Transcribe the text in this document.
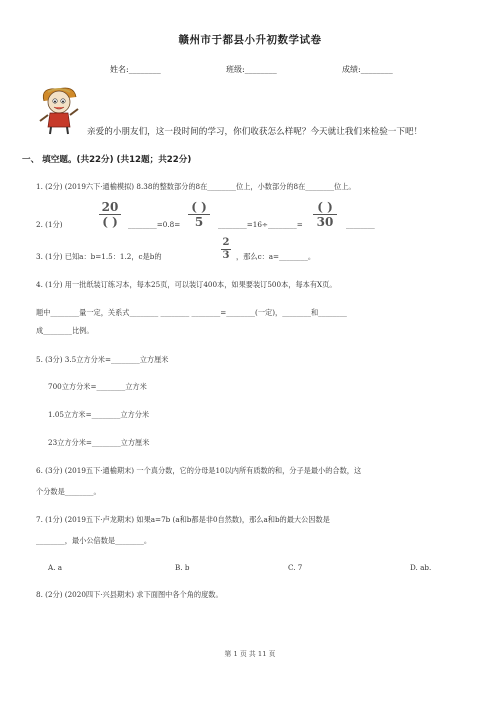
赣州市于都县小升初数学试卷
姓名:________	班级:________	成绩:________
亲爱的小朋友们，这一段时间的学习，你们收获怎么样呢？今天就让我们来检验一下吧！
一、 填空题。(共22分) (共12题；共22分)
1. (2分) (2019六下·通榆模拟) 8.38的整数部分的8在________位上，小数部分的8在________位上。
2. (1分)
20
( )	________=0.8=
( )
5	________=16÷________=
( )
30	________
3. (1分) 已知a：b=1.5：1.2，c是b的
2
3 ，那么c：a=________。
4. (1分) 用一批纸装订练习本，每本25页，可以装订400本，如果要装订500本，每本有X页。
题中________量一定，关系式________ ________ ________=________(一定)，________和________
成________比例。
5. (3分) 3.5立方分米=________立方厘米
700立方分米=________立方米
1.05立方米=________立方分米
23立方分米=________立方厘米
6. (3分) (2019五下·通榆期末) 一个真分数，它的分母是10以内所有质数的和，分子是最小的合数，这
个分数是________。
7. (1分) (2019五下·卢龙期末) 如果a=7b (a和b都是非0自然数)，那么a和b的最大公因数是
________，最小公倍数是________。
A. a	B. b	C. 7	D. ab.
8. (2分) (2020四下·兴县期末) 求下面图中各个角的度数。
第 1 页 共 11 页
